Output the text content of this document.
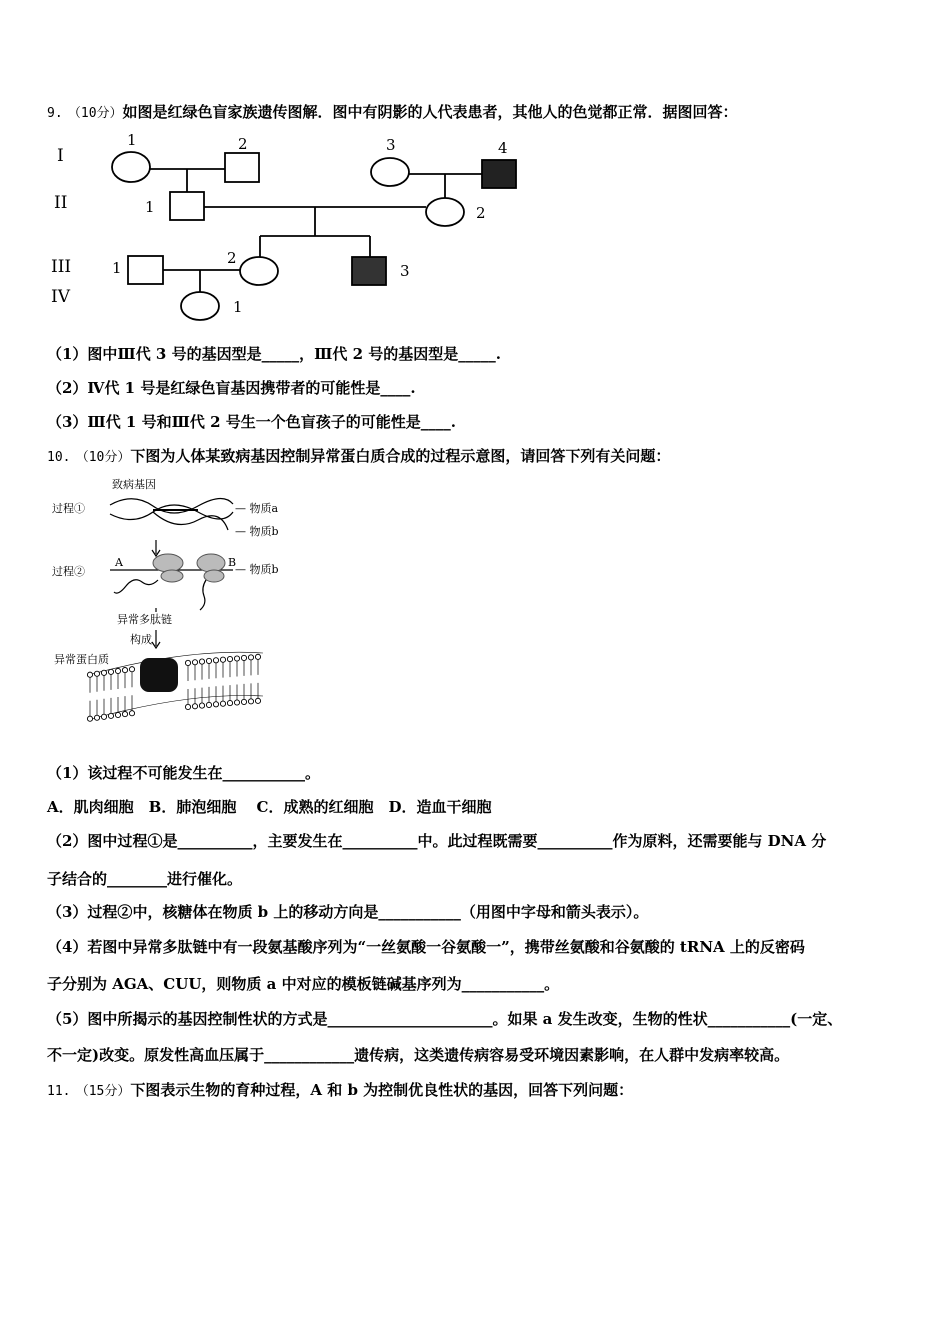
9. （10分）如图是红绿色盲家族遗传图解．图中有阴影的人代表患者，其他人的色觉都正常．据图回答：
I
II
III
IV
1	2	3	4
1	2
1
2
3
1
（1）图中Ⅲ代 3 号的基因型是_____，Ⅲ代 2 号的基因型是_____.
（2）Ⅳ代 1 号是红绿色盲基因携带者的可能性是____.
（3）Ⅲ代 1 号和Ⅲ代 2 号生一个色盲孩子的可能性是____.
10. （10分）下图为人体某致病基因控制异常蛋白质合成的过程示意图，请回答下列有关问题：
致病基因
过程①	— 物质a
— 物质b
过程②
A	B
— 物质b
异常多肽链
构成
异常蛋白质
（1）该过程不可能发生在___________。
A．肌肉细胞　B．肺泡细胞　 C．成熟的红细胞　D．造血干细胞
（2）图中过程①是__________，主要发生在__________中。此过程既需要__________作为原料，还需要能与 DNA 分
子结合的________进行催化。
（3）过程②中，核糖体在物质 b 上的移动方向是___________（用图中字母和箭头表示）。
（4）若图中异常多肽链中有一段氨基酸序列为“一丝氨酸一谷氨酸一”，携带丝氨酸和谷氨酸的 tRNA 上的反密码
子分别为 AGA、CUU，则物质 a 中对应的模板链碱基序列为___________。
（5）图中所揭示的基因控制性状的方式是______________________。如果 a 发生改变，生物的性状___________(一定、
不一定)改变。原发性高血压属于____________遗传病，这类遗传病容易受环境因素影响，在人群中发病率较高。
11. （15分）下图表示生物的育种过程，A 和 b 为控制优良性状的基因，回答下列问题：
